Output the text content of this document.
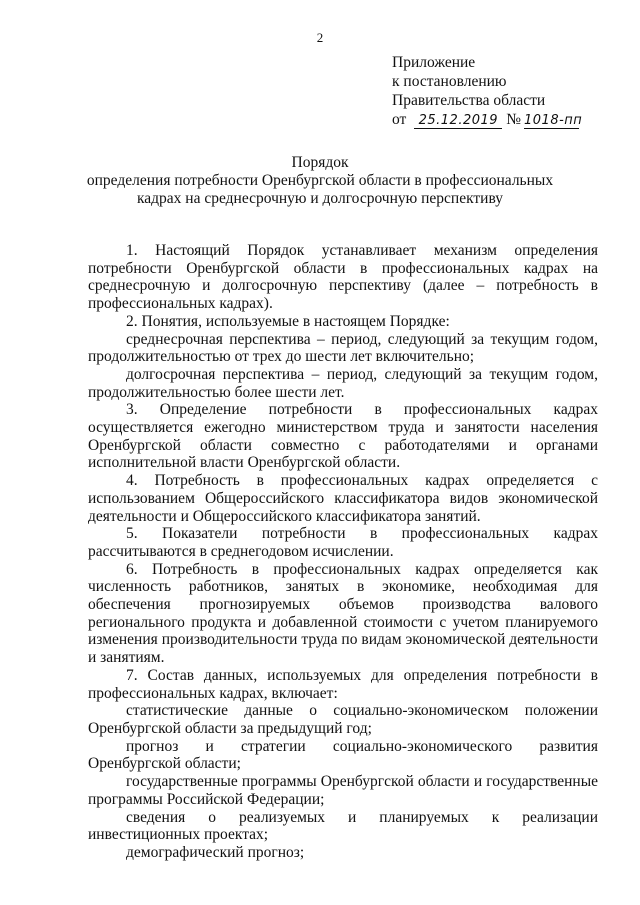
2
Приложение
к постановлению
Правительства области
от 25.12.2019 № 1018-пп
Порядок
определения потребности Оренбургской области в профессиональных
кадрах на среднесрочную и долгосрочную перспективу

1. Настоящий Порядок устанавливает механизм определения потребности Оренбургской области в профессиональных кадрах на среднесрочную и долгосрочную перспективу (далее – потребность в профессиональных кадрах).

2. Понятия, используемые в настоящем Порядке:

среднесрочная перспектива – период, следующий за текущим годом, продолжительностью от трех до шести лет включительно;

долгосрочная перспектива – период, следующий за текущим годом, продолжительностью более шести лет.

3. Определение потребности в профессиональных кадрах осуществляется ежегодно министерством труда и занятости населения Оренбургской области совместно с работодателями и органами исполнительной власти Оренбургской области.

4. Потребность в профессиональных кадрах определяется с использованием Общероссийского классификатора видов экономической деятельности и Общероссийского классификатора занятий.

5. Показатели потребности в профессиональных кадрах рассчитываются в среднегодовом исчислении.

6. Потребность в профессиональных кадрах определяется как численность работников, занятых в экономике, необходимая для обеспечения прогнозируемых объемов производства валового регионального продукта и добавленной стоимости с учетом планируемого изменения производительности труда по видам экономической деятельности и занятиям.

7. Состав данных, используемых для определения потребности в профессиональных кадрах, включает:

статистические данные о социально-экономическом положении Оренбургской области за предыдущий год;

прогноз и стратегии социально-экономического развития Оренбургской области;

государственные программы Оренбургской области и государственные программы Российской Федерации;

сведения о реализуемых и планируемых к реализации инвестиционных проектах;

демографический прогноз;
